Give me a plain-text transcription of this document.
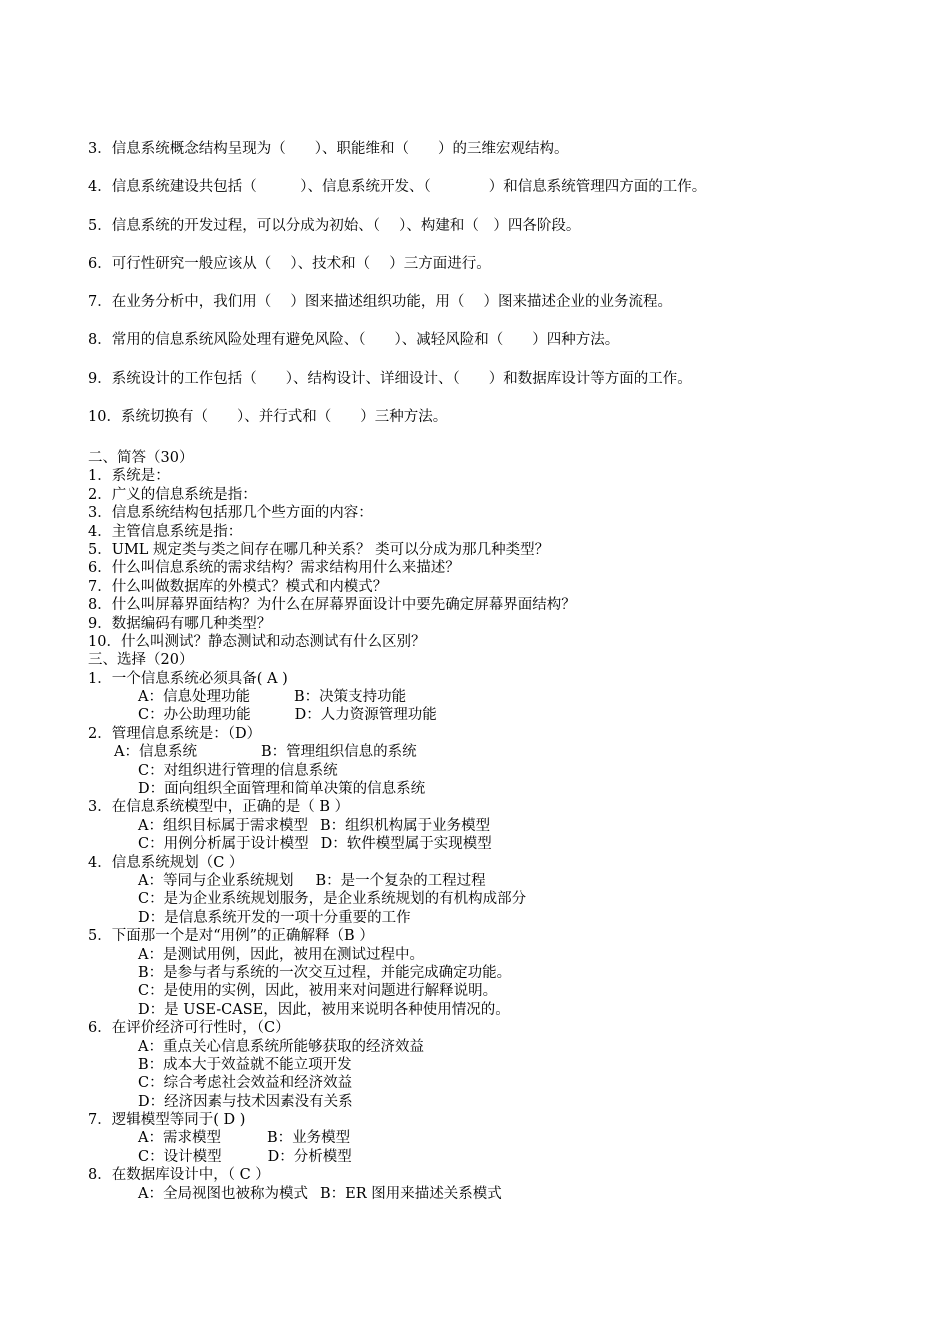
3．信息系统概念结构呈现为（　　）、职能维和（　　）的三维宏观结构。
4．信息系统建设共包括（　　　）、信息系统开发、（　　　　）和信息系统管理四方面的工作。
5．信息系统的开发过程，可以分成为初始、（　 ）、构建和（　）四各阶段。
6．可行性研究一般应该从（　 ）、技术和（　 ）三方面进行。
7．在业务分析中，我们用（　 ）图来描述组织功能，用（　 ）图来描述企业的业务流程。
8．常用的信息系统风险处理有避免风险、（　　）、减轻风险和（　　）四种方法。
9．系统设计的工作包括（　　）、结构设计、详细设计、（　　）和数据库设计等方面的工作。
10．系统切换有（　　）、并行式和（　　）三种方法。
二、简答（30）
1．系统是：
2．广义的信息系统是指：
3．信息系统结构包括那几个些方面的内容：
4．主管信息系统是指：
5．UML 规定类与类之间存在哪几种关系？ 类可以分成为那几种类型？
6．什么叫信息系统的需求结构？需求结构用什么来描述？
7．什么叫做数据库的外模式？模式和内模式？
8．什么叫屏幕界面结构？为什么在屏幕界面设计中要先确定屏幕界面结构？
9．数据编码有哪几种类型？
10．什么叫测试？静态测试和动态测试有什么区别？
三、选择（20）
1．一个信息系统必须具备( A )
A：信息处理功能	B：决策支持功能
C：办公助理功能	D：人力资源管理功能
2．管理信息系统是：（D）
A：信息系统	B：管理组织信息的系统
C：对组织进行管理的信息系统
D：面向组织全面管理和简单决策的信息系统
3．在信息系统模型中，正确的是（ B ）
A：组织目标属于需求模型 B：组织机构属于业务模型
C：用例分析属于设计模型 D：软件模型属于实现模型
4．信息系统规划（C ）
A：等同与企业系统规划 B：是一个复杂的工程过程
C：是为企业系统规划服务，是企业系统规划的有机构成部分
D：是信息系统开发的一项十分重要的工作
5．下面那一个是对“用例”的正确解释（B ）
A：是测试用例，因此，被用在测试过程中。
B：是参与者与系统的一次交互过程，并能完成确定功能。
C：是使用的实例，因此，被用来对问题进行解释说明。
D：是 USE-CASE，因此，被用来说明各种使用情况的。
6．在评价经济可行性时，（C）
A：重点关心信息系统所能够获取的经济效益
B：成本大于效益就不能立项开发
C：综合考虑社会效益和经济效益
D：经济因素与技术因素没有关系
7．逻辑模型等同于( D )
A：需求模型	B：业务模型
C：设计模型	D：分析模型
8．在数据库设计中，（ C ）
A：全局视图也被称为模式 B：ER 图用来描述关系模式
